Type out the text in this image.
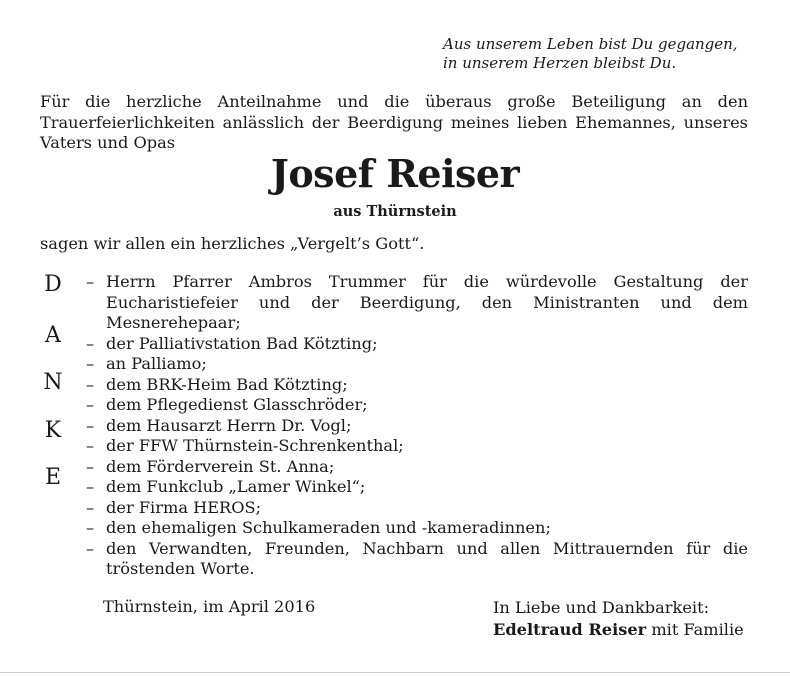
Aus unserem Leben bist Du gegangen,
in unserem Herzen bleibst Du.
Für die herzliche Anteilnahme und die überaus große Beteiligung an den Trauerfeierlichkeiten anlässlich der Beerdigung meines lieben Ehemannes, unseres Vaters und Opas
Josef Reiser
aus Thürnstein
sagen wir allen ein herzliches „Vergelt’s Gott“.
D
A
N
K
E
– Herrn Pfarrer Ambros Trummer für die würdevolle Gestaltung der Eucharistiefeier und der Beerdigung, den Ministranten und dem Mesnerehepaar;
– der Palliativstation Bad Kötzting;
– an Palliamo;
– dem BRK-Heim Bad Kötzting;
– dem Pflegedienst Glasschröder;
– dem Hausarzt Herrn Dr. Vogl;
– der FFW Thürnstein-Schrenkenthal;
– dem Förderverein St. Anna;
– dem Funkclub „Lamer Winkel“;
– der Firma HEROS;
– den ehemaligen Schulkameraden und -kameradinnen;
– den Verwandten, Freunden, Nachbarn und allen Mittrauernden für die tröstenden Worte.
Thürnstein, im April 2016	In Liebe und Dankbarkeit:
Edeltraud Reiser mit Familie
